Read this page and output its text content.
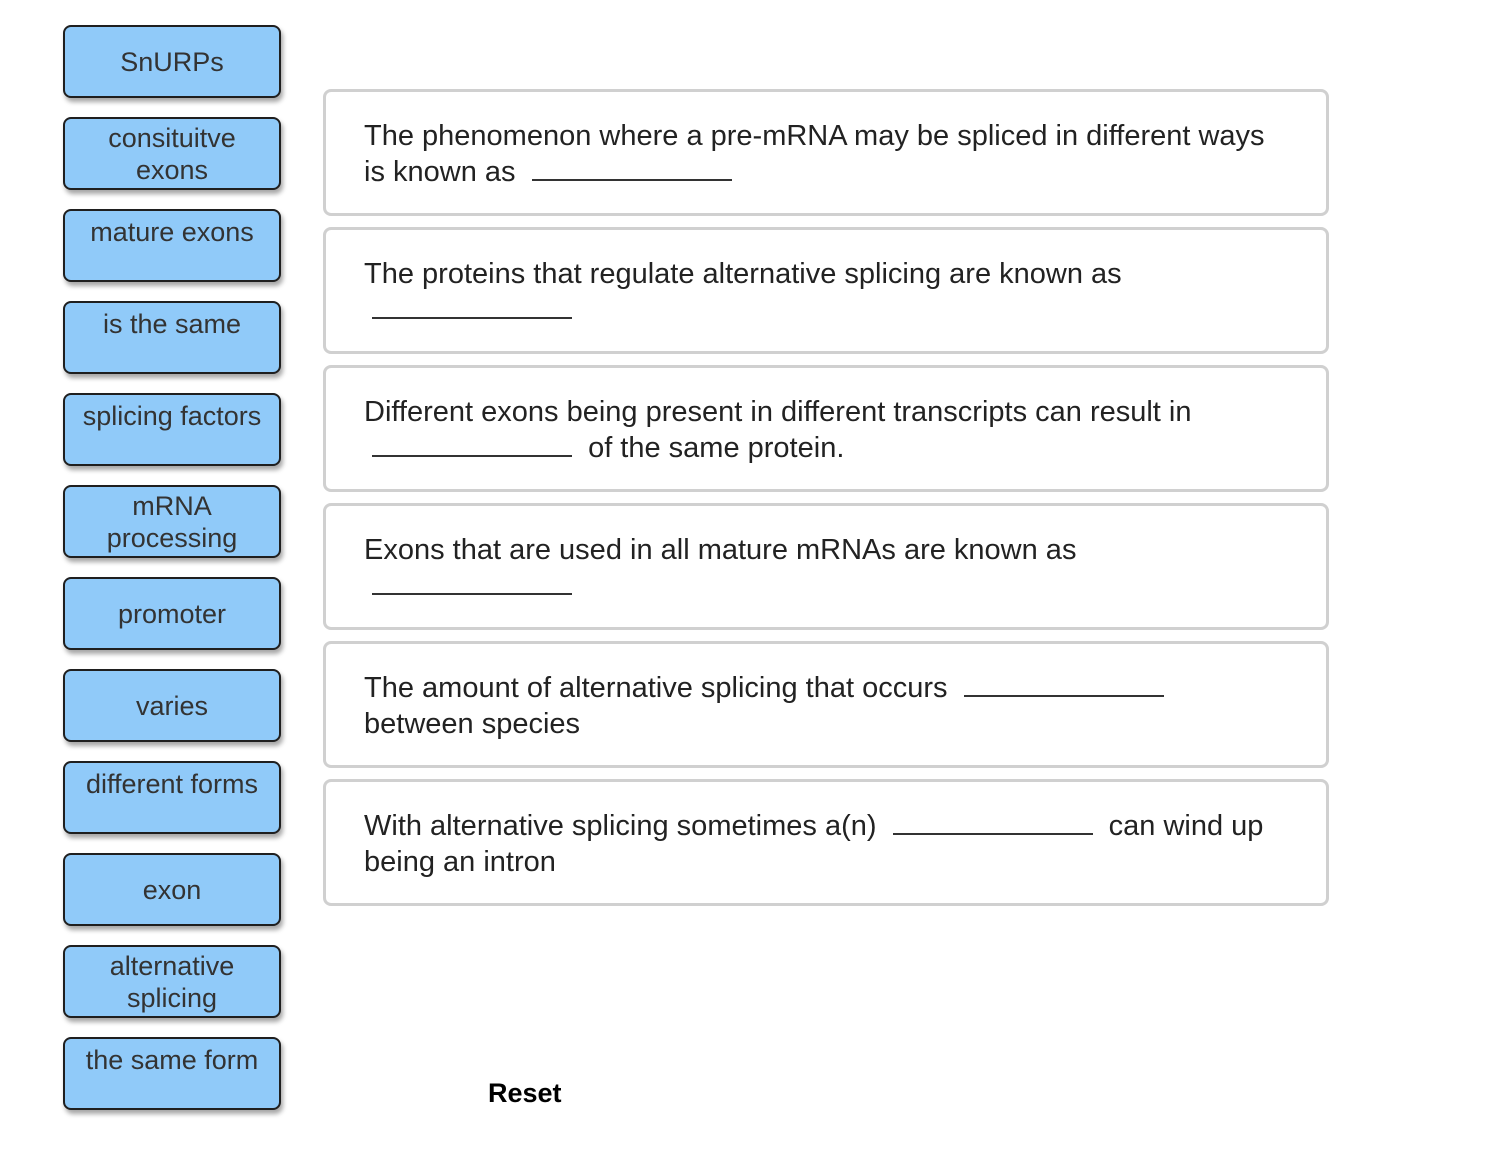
SnURPs
consituitve
exons
mature exons
is the same
splicing factors
mRNA
processing
promoter
varies
different forms
exon
alternative
splicing
the same form
The phenomenon where a pre-mRNA may be spliced in different ways is known as
The proteins that regulate alternative splicing are known as

Different exons being present in different transcripts can result in
of the same protein.
Exons that are used in all mature mRNAs are known as

The amount of alternative splicing that occurs
between species
With alternative splicing sometimes a(n)	can wind up being an intron
Reset
